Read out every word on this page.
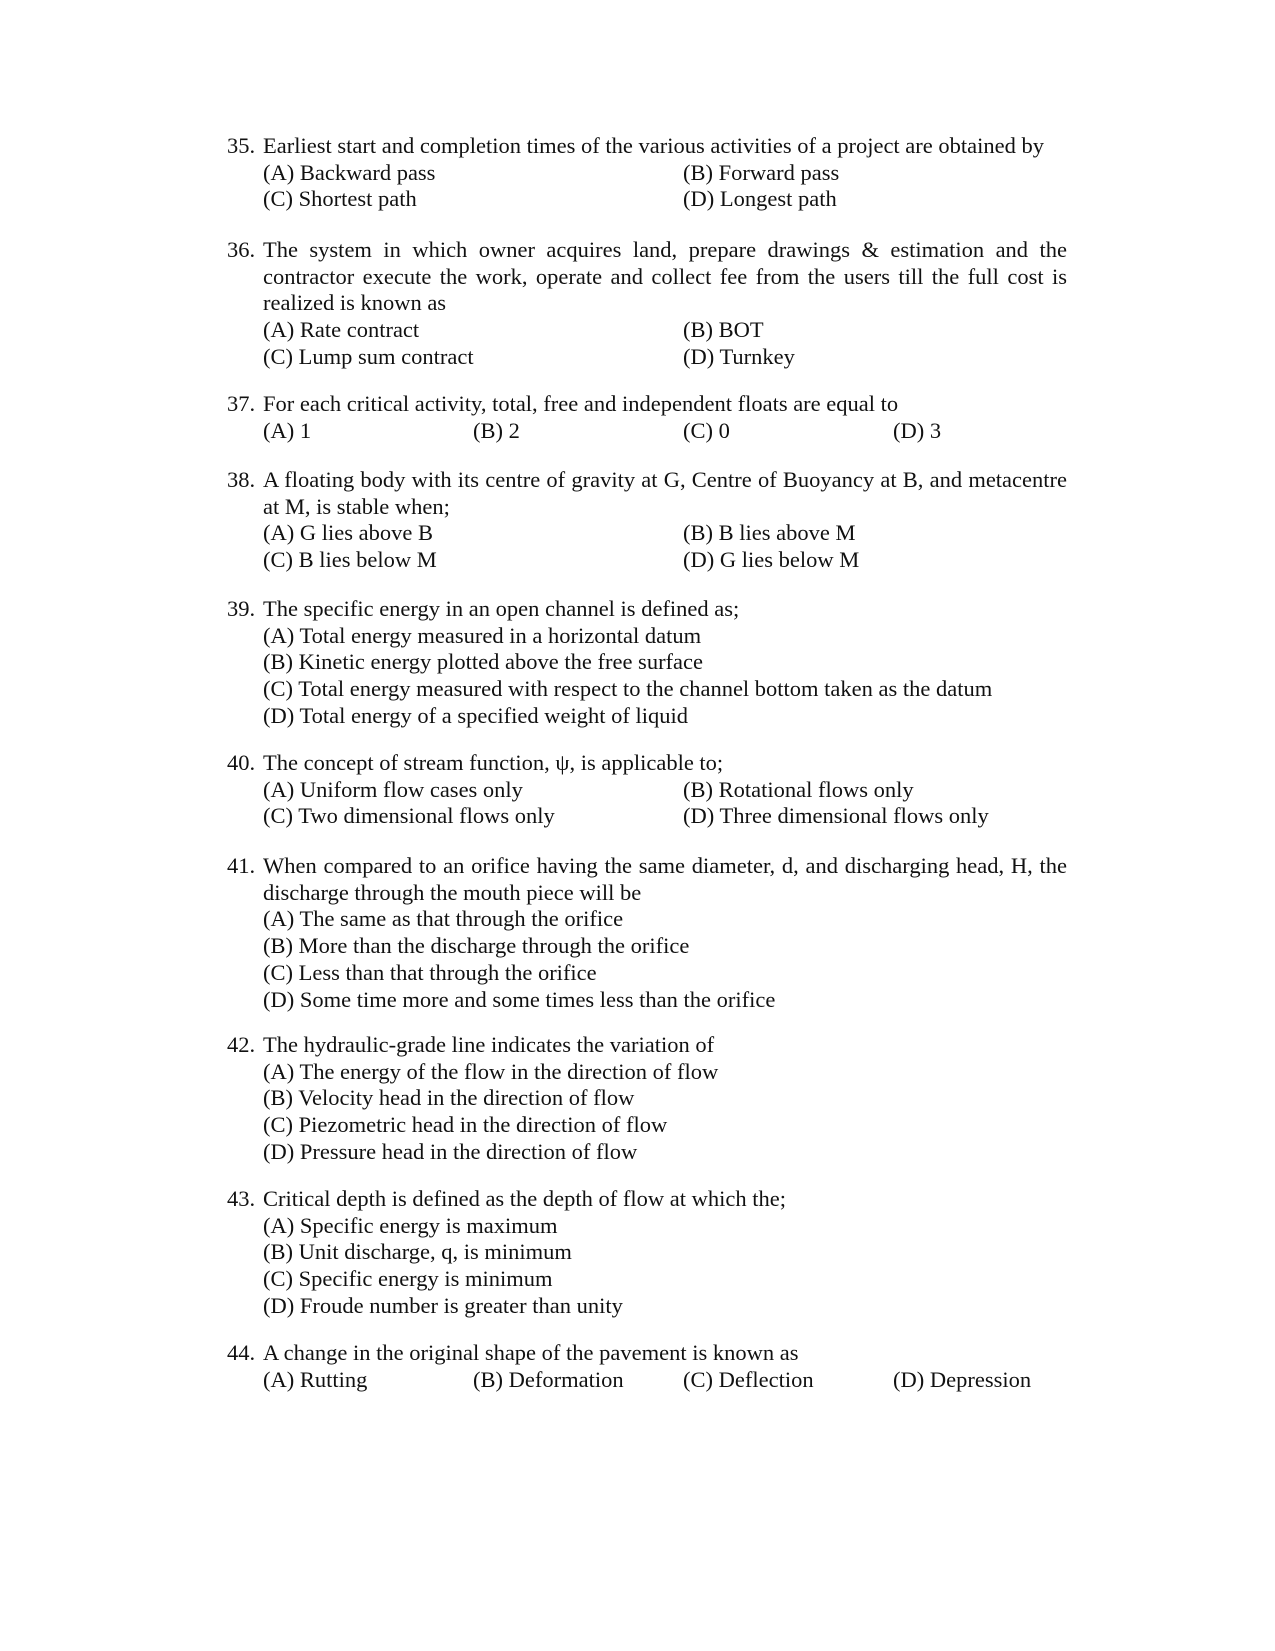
35. Earliest start and completion times of the various activities of a project are obtained by
(A) Backward pass	(B) Forward pass
(C) Shortest path	(D) Longest path
36. The system in which owner acquires land, prepare drawings & estimation and the contractor execute the work, operate and collect fee from the users till the full cost is realized is known as
(A) Rate contract	(B) BOT
(C) Lump sum contract	(D) Turnkey
37. For each critical activity, total, free and independent floats are equal to
(A) 1	(B) 2	(C) 0	(D) 3
38. A floating body with its centre of gravity at G, Centre of Buoyancy at B, and metacentre at M, is stable when;
(A) G lies above B	(B) B lies above M
(C) B lies below M	(D) G lies below M
39. The specific energy in an open channel is defined as;
(A) Total energy measured in a horizontal datum
(B) Kinetic energy plotted above the free surface
(C) Total energy measured with respect to the channel bottom taken as the datum
(D) Total energy of a specified weight of liquid
40. The concept of stream function, ψ, is applicable to;
(A) Uniform flow cases only	(B) Rotational flows only
(C) Two dimensional flows only	(D) Three dimensional flows only
41. When compared to an orifice having the same diameter, d, and discharging head, H, the discharge through the mouth piece will be
(A) The same as that through the orifice
(B) More than the discharge through the orifice
(C) Less than that through the orifice
(D) Some time more and some times less than the orifice
42. The hydraulic-grade line indicates the variation of
(A) The energy of the flow in the direction of flow
(B) Velocity head in the direction of flow
(C) Piezometric head in the direction of flow
(D) Pressure head in the direction of flow
43. Critical depth is defined as the depth of flow at which the;
(A) Specific energy is maximum
(B) Unit discharge, q, is minimum
(C) Specific energy is minimum
(D) Froude number is greater than unity
44. A change in the original shape of the pavement is known as
(A) Rutting	(B) Deformation	(C) Deflection	(D) Depression
